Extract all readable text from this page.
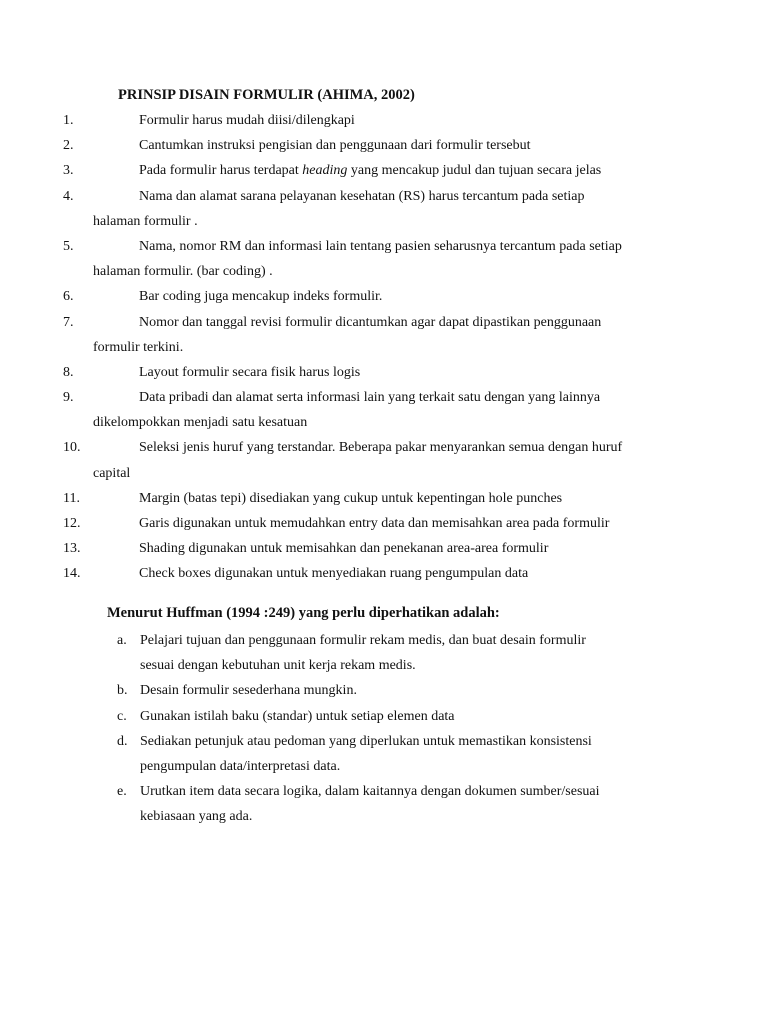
PRINSIP DISAIN FORMULIR (AHIMA, 2002)
1.	Formulir harus mudah diisi/dilengkapi
2.	Cantumkan instruksi pengisian dan penggunaan dari formulir tersebut
3.	Pada formulir harus terdapat heading yang mencakup judul dan tujuan secara jelas
4.	Nama dan alamat sarana pelayanan kesehatan (RS) harus tercantum pada setiap
halaman formulir .
5.	Nama, nomor RM dan informasi lain tentang pasien seharusnya tercantum pada setiap
halaman formulir. (bar coding) .
6.	Bar coding juga mencakup indeks formulir.
7.	Nomor dan tanggal revisi formulir dicantumkan agar dapat dipastikan penggunaan
formulir terkini.
8.	Layout formulir secara fisik harus logis
9.	Data pribadi dan alamat serta informasi lain yang terkait satu dengan yang lainnya
dikelompokkan menjadi satu kesatuan
10.	Seleksi jenis huruf yang terstandar. Beberapa pakar menyarankan semua dengan huruf
capital
11.	Margin (batas tepi) disediakan yang cukup untuk kepentingan hole punches
12.	Garis digunakan untuk memudahkan entry data dan memisahkan area pada formulir
13.	Shading digunakan untuk memisahkan dan penekanan area-area formulir
14.	Check boxes digunakan untuk menyediakan ruang pengumpulan data
Menurut Huffman (1994 :249) yang perlu diperhatikan adalah:
a. Pelajari tujuan dan penggunaan formulir rekam medis, dan buat desain formulir
sesuai dengan kebutuhan unit kerja rekam medis.
b. Desain formulir sesederhana mungkin.
c. Gunakan istilah baku (standar) untuk setiap elemen data
d. Sediakan petunjuk atau pedoman yang diperlukan untuk memastikan konsistensi
pengumpulan data/interpretasi data.
e. Urutkan item data secara logika, dalam kaitannya dengan dokumen sumber/sesuai
kebiasaan yang ada.
